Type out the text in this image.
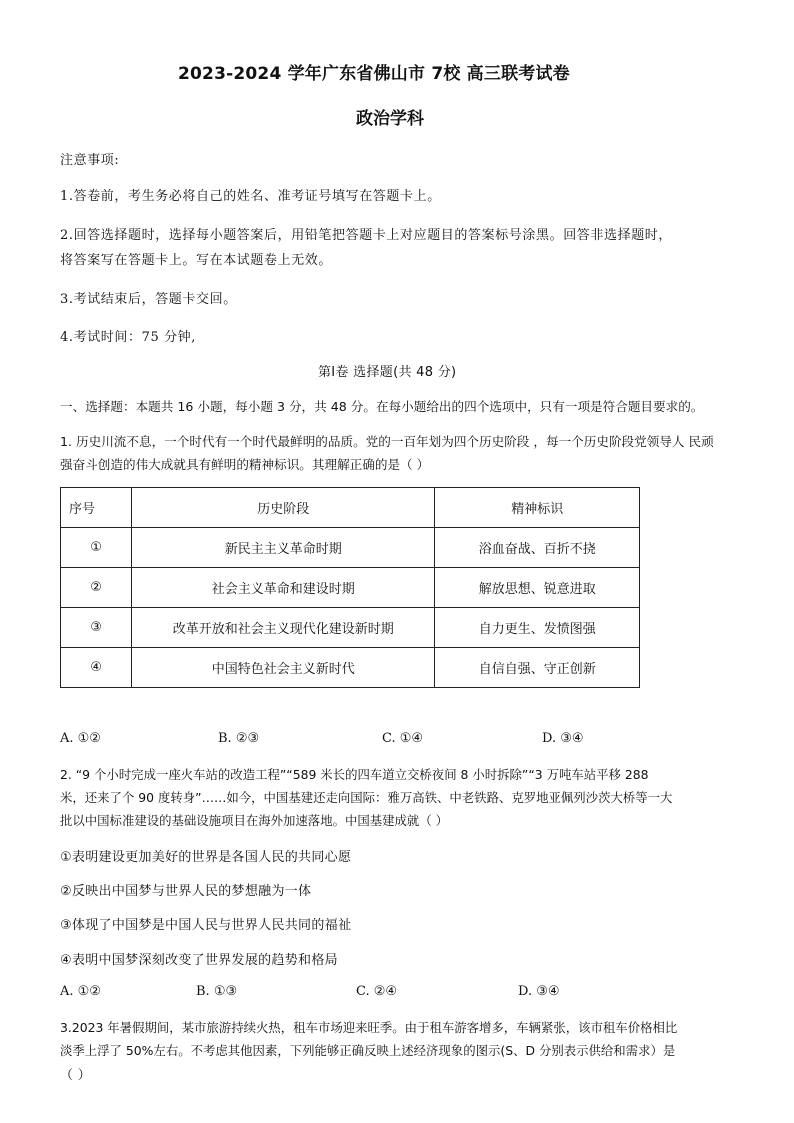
2023-2024 学年广东省佛山市 7校 高三联考试卷
政治学科
注意事项:
1.答卷前，考生务必将自己的姓名、准考证号填写在答题卡上。
2.回答选择题时，选择每小题答案后，用铅笔把答题卡上对应题目的答案标号涂黑。回答非选择题时，
将答案写在答题卡上。写在本试题卷上无效。
3.考试结束后，答题卡交回。
4.考试时间：75 分钟,
第Ⅰ卷 选择题(共 48 分)
一、选择题：本题共 16 小题，每小题 3 分，共 48 分。在每小题给出的四个选项中，只有一项是符合题目要求的。
1. 历史川流不息，一个时代有一个时代最鲜明的品质。党的一百年划为四个历史阶段 ，每一个历史阶段党领导人 民顽
强奋斗创造的伟大成就具有鲜明的精神标识。其理解正确的是（ ）
序号	历史阶段	精神标识
①	新民主主义革命时期	浴血奋战、百折不挠
②	社会主义革命和建设时期	解放思想、锐意进取
③	改革开放和社会主义现代化建设新时期	自力更生、发愤图强
④	中国特色社会主义新时代	自信自强、守正创新
A. ①②	B. ②③	C. ①④	D. ③④
2. “9 个小时完成一座火车站的改造工程”“589 米长的四车道立交桥夜间 8 小时拆除”“3 万吨车站平移 288
米，还来了个 90 度转身”……如今，中国基建还走向国际：雅万高铁、中老铁路、克罗地亚佩列沙茨大桥等一大
批以中国标准建设的基础设施项目在海外加速落地。中国基建成就（ ）
①表明建设更加美好的世界是各国人民的共同心愿
②反映出中国梦与世界人民的梦想融为一体
③体现了中国梦是中国人民与世界人民共同的福祉
④表明中国梦深刻改变了世界发展的趋势和格局
A. ①②	B. ①③	C. ②④	D. ③④
3.2023 年暑假期间，某市旅游持续火热，租车市场迎来旺季。由于租车游客增多，车辆紧张，该市租车价格相比
淡季上浮了 50%左右。不考虑其他因素，下列能够正确反映上述经济现象的图示(S、D 分别表示供给和需求）是
（ ）
